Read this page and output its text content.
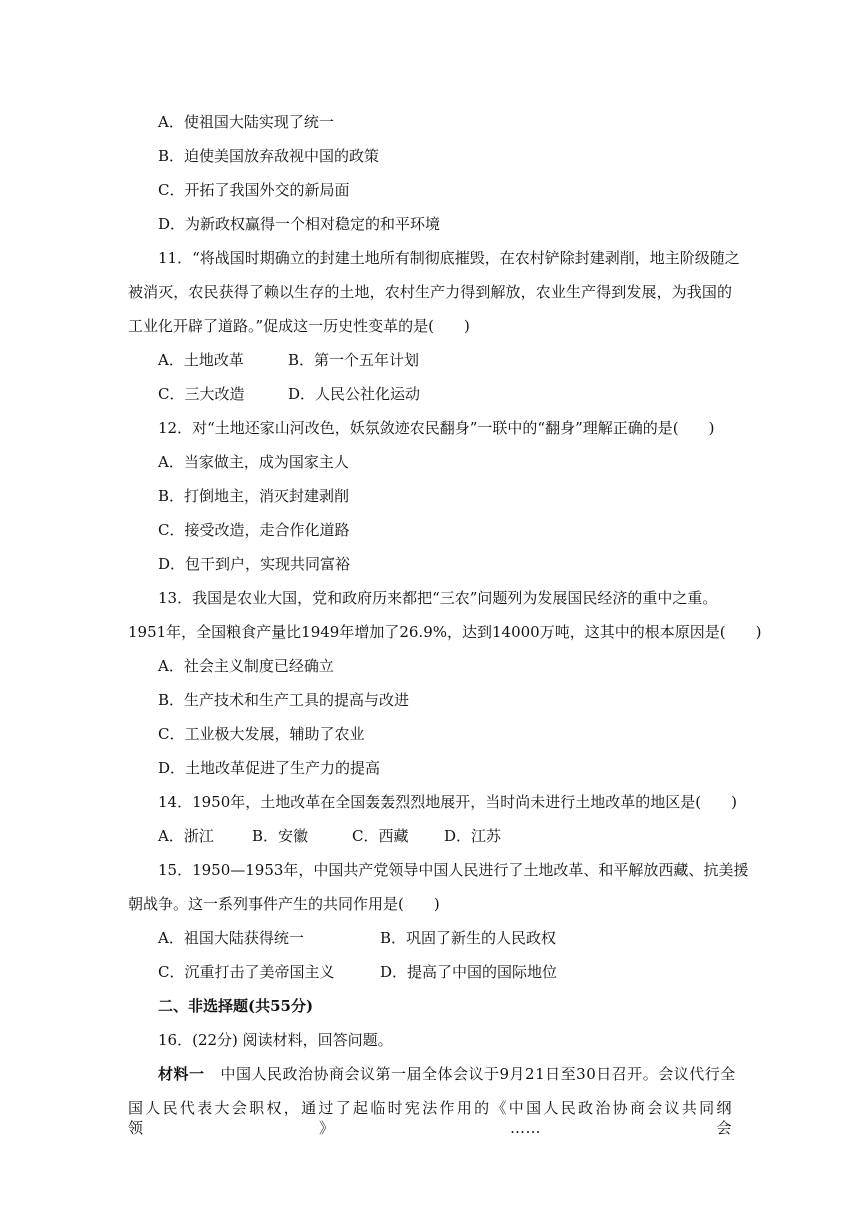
A．使祖国大陆实现了统一
B．迫使美国放弃敌视中国的政策
C．开拓了我国外交的新局面
D．为新政权赢得一个相对稳定的和平环境
11．“将战国时期确立的封建土地所有制彻底摧毁，在农村铲除封建剥削，地主阶级随之
被消灭，农民获得了赖以生存的土地，农村生产力得到解放，农业生产得到发展，为我国的
工业化开辟了道路。”促成这一历史性变革的是(　　)
A．土地改革	B．第一个五年计划
C．三大改造	D．人民公社化运动
12．对“土地还家山河改色，妖氛敛迹农民翻身”一联中的“翻身”理解正确的是(　　)
A．当家做主，成为国家主人
B．打倒地主，消灭封建剥削
C．接受改造，走合作化道路
D．包干到户，实现共同富裕
13．我国是农业大国，党和政府历来都把“三农”问题列为发展国民经济的重中之重。
1951年，全国粮食产量比1949年增加了26.9%，达到14000万吨，这其中的根本原因是(　　)
A．社会主义制度已经确立
B．生产技术和生产工具的提高与改进
C．工业极大发展，辅助了农业
D．土地改革促进了生产力的提高
14．1950年，土地改革在全国轰轰烈烈地展开，当时尚未进行土地改革的地区是(　　)
A．浙江	B．安徽	C．西藏 D．江苏
15．1950—1953年，中国共产党领导中国人民进行了土地改革、和平解放西藏、抗美援
朝战争。这一系列事件产生的共同作用是(　　)
A．祖国大陆获得统一	B．巩固了新生的人民政权
C．沉重打击了美帝国主义	D．提高了中国的国际地位
二、非选择题(共55分)
16．(22分) 阅读材料，回答问题。
材料一 中国人民政治协商会议第一届全体会议于9月21日至30日召开。会议代行全
国人民代表大会职权，通过了起临时宪法作用的《中国人民政治协商会议共同纲领》……会
